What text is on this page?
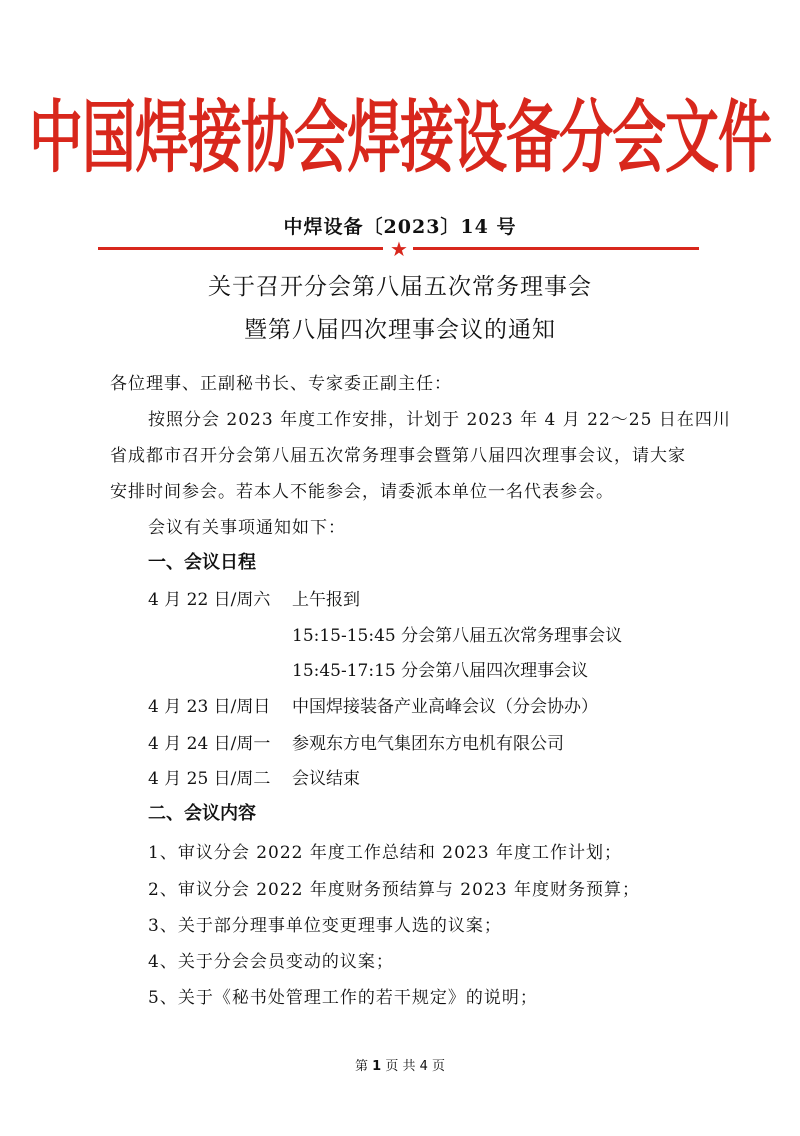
中国焊接协会焊接设备分会文件
中焊设备〔2023〕14 号
★
关于召开分会第八届五次常务理事会
暨第八届四次理事会议的通知
各位理事、正副秘书长、专家委正副主任：
按照分会 2023 年度工作安排，计划于 2023 年 4 月 22～25 日在四川
省成都市召开分会第八届五次常务理事会暨第八届四次理事会议，请大家
安排时间参会。若本人不能参会，请委派本单位一名代表参会。
会议有关事项通知如下：
一、会议日程
4 月 22 日/周六 上午报到
15:15-15:45 分会第八届五次常务理事会议
15:45-17:15 分会第八届四次理事会议
4 月 23 日/周日 中国焊接装备产业高峰会议（分会协办）
4 月 24 日/周一 参观东方电气集团东方电机有限公司
4 月 25 日/周二 会议结束
二、会议内容
1、审议分会 2022 年度工作总结和 2023 年度工作计划；
2、审议分会 2022 年度财务预结算与 2023 年度财务预算；
3、关于部分理事单位变更理事人选的议案；
4、关于分会会员变动的议案；
5、关于《秘书处管理工作的若干规定》的说明；
第 1 页 共 4 页
